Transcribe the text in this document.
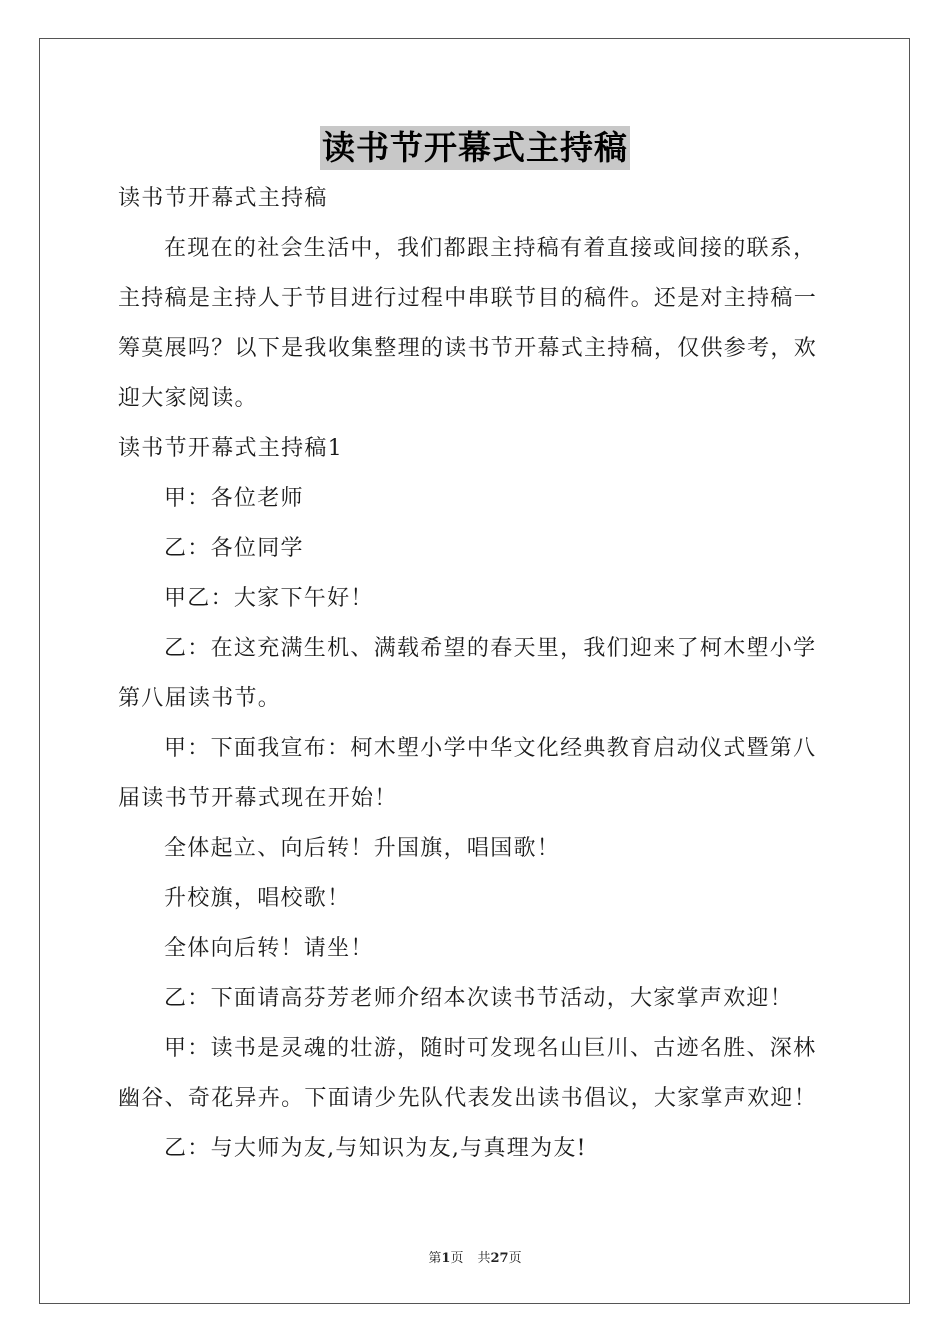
读书节开幕式主持稿

读书节开幕式主持稿

在现在的社会生活中，我们都跟主持稿有着直接或间接的联系，主持稿是主持人于节目进行过程中串联节目的稿件。还是对主持稿一筹莫展吗？以下是我收集整理的读书节开幕式主持稿，仅供参考，欢迎大家阅读。

读书节开幕式主持稿1

甲：各位老师

乙：各位同学

甲乙：大家下午好！

乙：在这充满生机、满载希望的春天里，我们迎来了柯木塱小学第八届读书节。

甲：下面我宣布：柯木塱小学中华文化经典教育启动仪式暨第八届读书节开幕式现在开始！

全体起立、向后转！升国旗，唱国歌！

升校旗，唱校歌！

全体向后转！请坐！

乙：下面请高芬芳老师介绍本次读书节活动，大家掌声欢迎！

甲：读书是灵魂的壮游，随时可发现名山巨川、古迹名胜、深林幽谷、奇花异卉。下面请少先队代表发出读书倡议，大家掌声欢迎！

乙：与大师为友,与知识为友,与真理为友!

第1页 共27页
